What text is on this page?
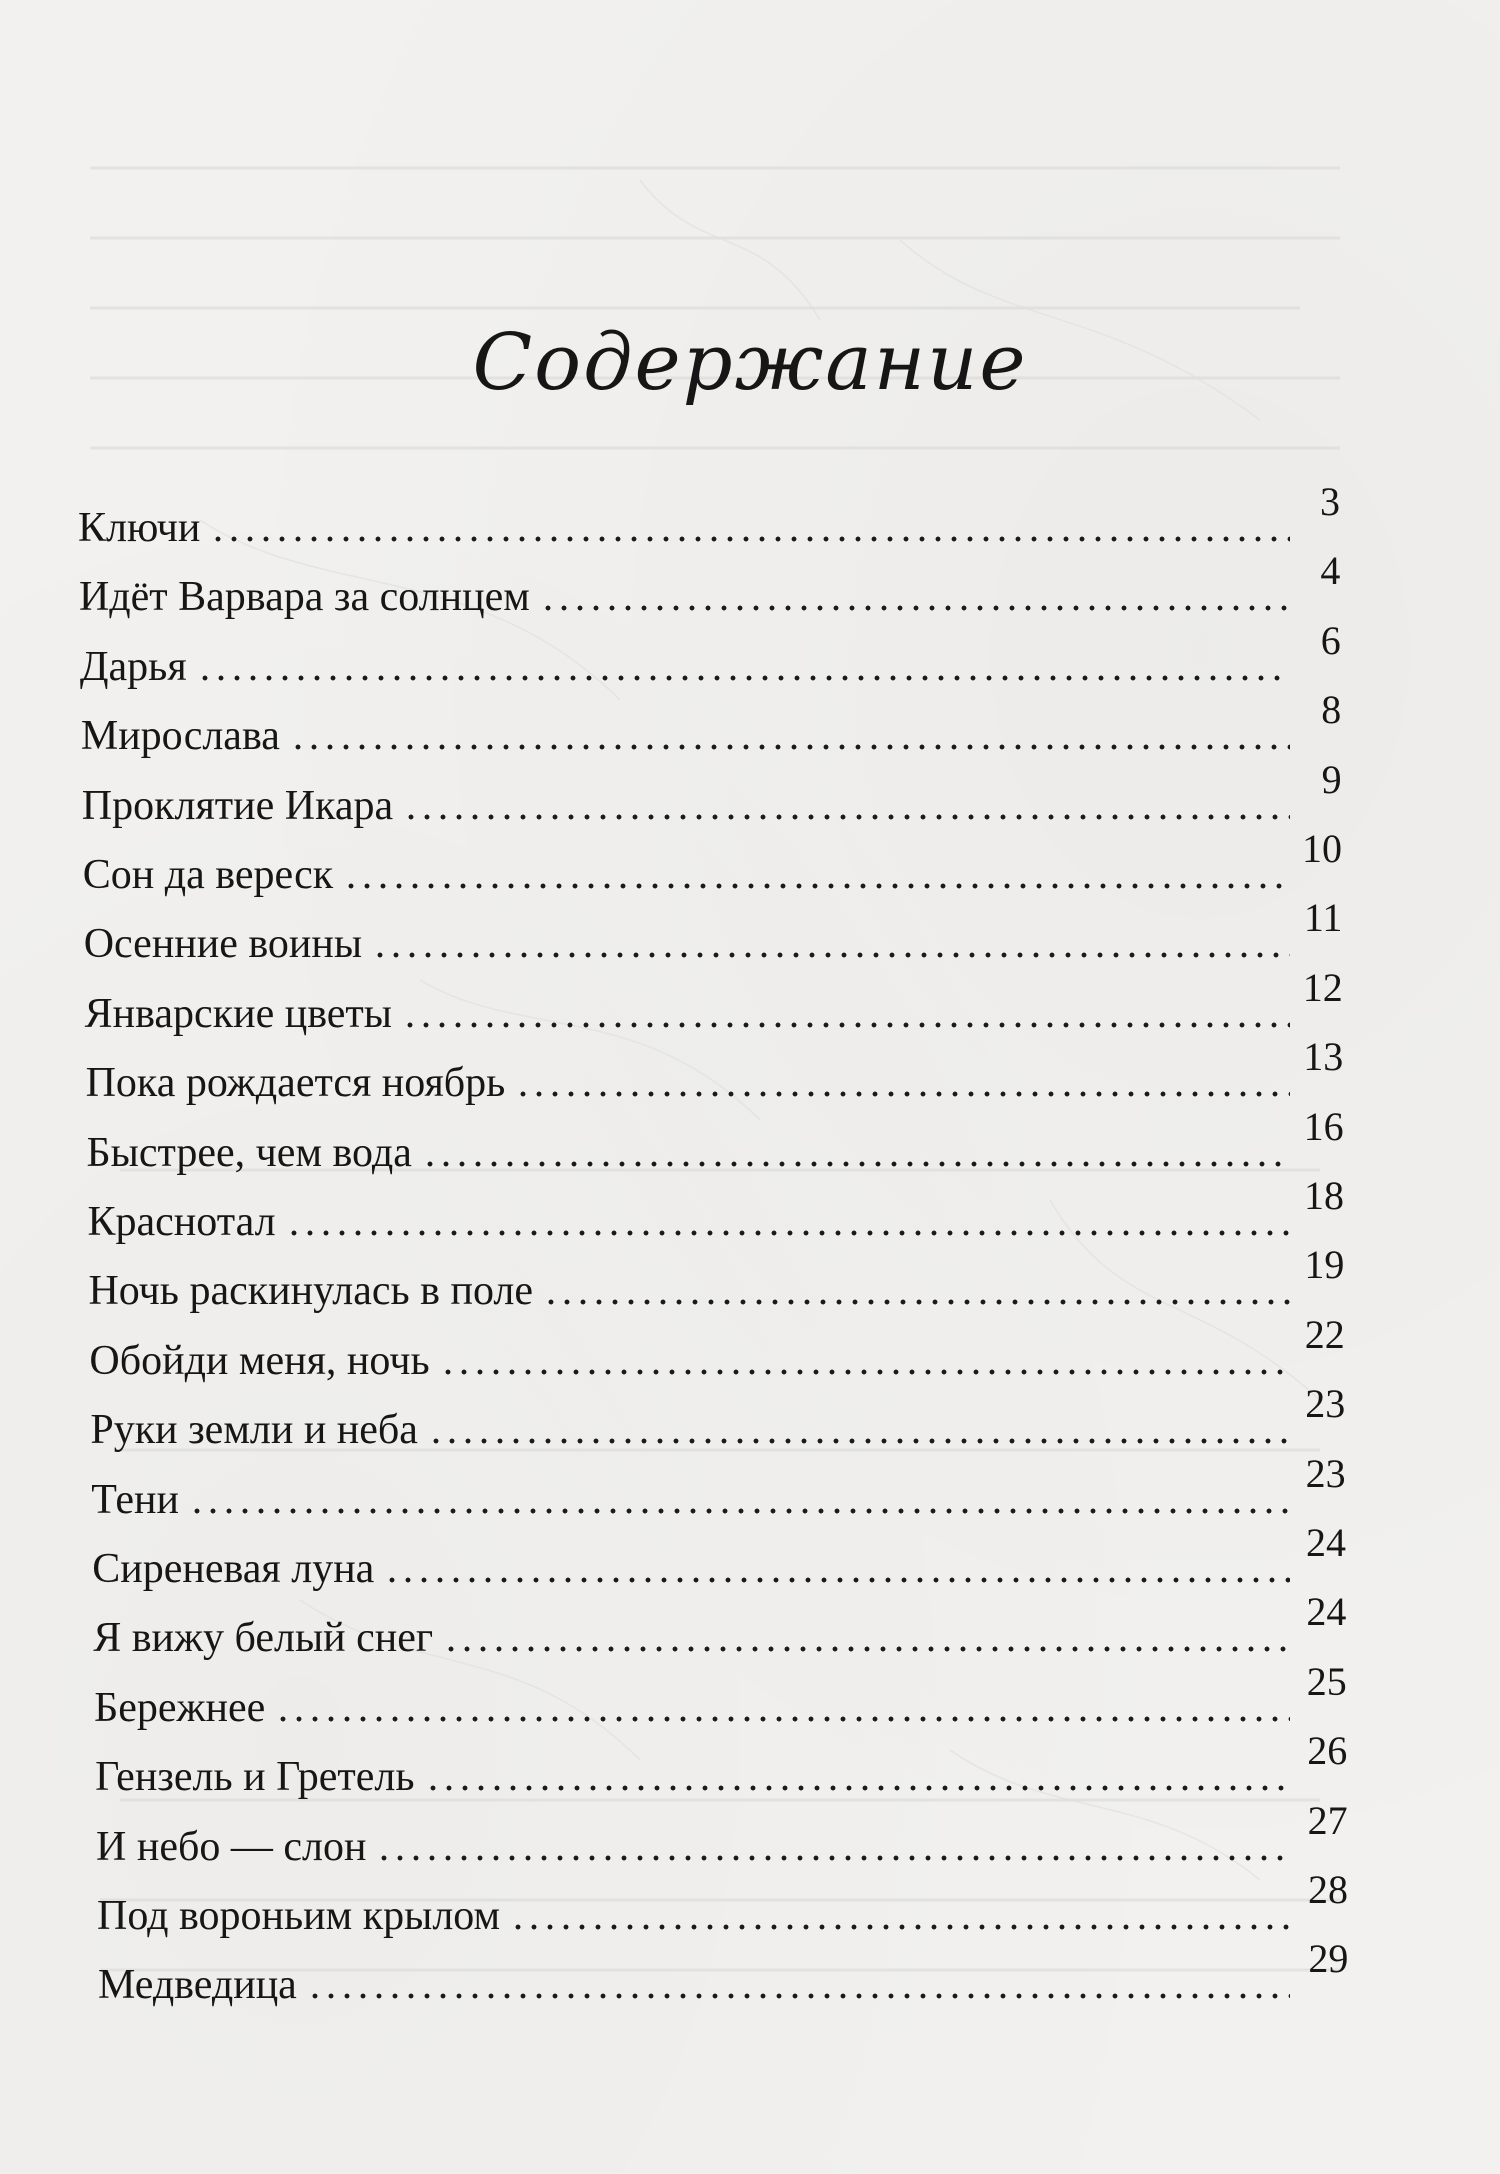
Содержание
Ключи
3
Идёт Варвара за солнцем
4
Дарья
6
Мирослава
8
Проклятие Икара
9
Сон да вереск
10
Осенние воины
11
Январские цветы
12
Пока рождается ноябрь
13
Быстрее, чем вода
16
Краснотал
18
Ночь раскинулась в поле
19
Обойди меня, ночь
22
Руки земли и неба
23
Тени
23
Сиреневая луна
24
Я вижу белый снег
24
Бережнее
25
Гензель и Гретель
26
И небо — слон
27
Под вороньим крылом
28
Медведица
29
